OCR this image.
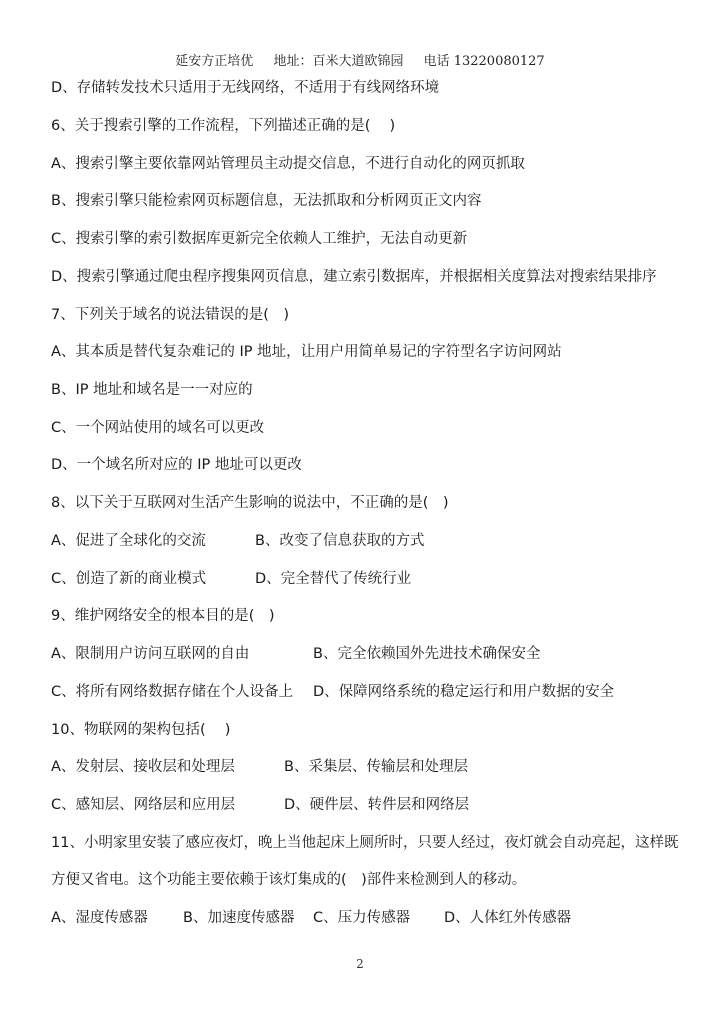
延安方正培优 地址：百米大道欧锦园 电话 13220080127
D、存储转发技术只适用于无线网络，不适用于有线网络环境
6、关于搜索引擎的工作流程，下列描述正确的是(　 )
A、搜索引擎主要依靠网站管理员主动提交信息，不进行自动化的网页抓取
B、搜索引擎只能检索网页标题信息，无法抓取和分析网页正文内容
C、搜索引擎的索引数据库更新完全依赖人工维护，无法自动更新
D、搜索引擎通过爬虫程序搜集网页信息，建立索引数据库，并根据相关度算法对搜索结果排序
7、下列关于域名的说法错误的是(　)
A、其本质是替代复杂难记的 IP 地址，让用户用简单易记的字符型名字访问网站
B、IP 地址和域名是一一对应的
C、一个网站使用的域名可以更改
D、一个域名所对应的 IP 地址可以更改
8、以下关于互联网对生活产生影响的说法中，不正确的是(　)
A、促进了全球化的交流	B、改变了信息获取的方式
C、创造了新的商业模式	D、完全替代了传统行业
9、维护网络安全的根本目的是(　)
A、限制用户访问互联网的自由	B、完全依赖国外先进技术确保安全
C、将所有网络数据存储在个人设备上 D、保障网络系统的稳定运行和用户数据的安全
10、物联网的架构包括(　 )
A、发射层、接收层和处理层	B、采集层、传输层和处理层
C、感知层、网络层和应用层	D、硬件层、转件层和网络层
11、小明家里安装了感应夜灯，晚上当他起床上厕所时，只要人经过，夜灯就会自动亮起，这样既
方便又省电。这个功能主要依赖于该灯集成的(　)部件来检测到人的移动。
A、湿度传感器 B、加速度传感器 C、压力传感器 D、人体红外传感器
2
